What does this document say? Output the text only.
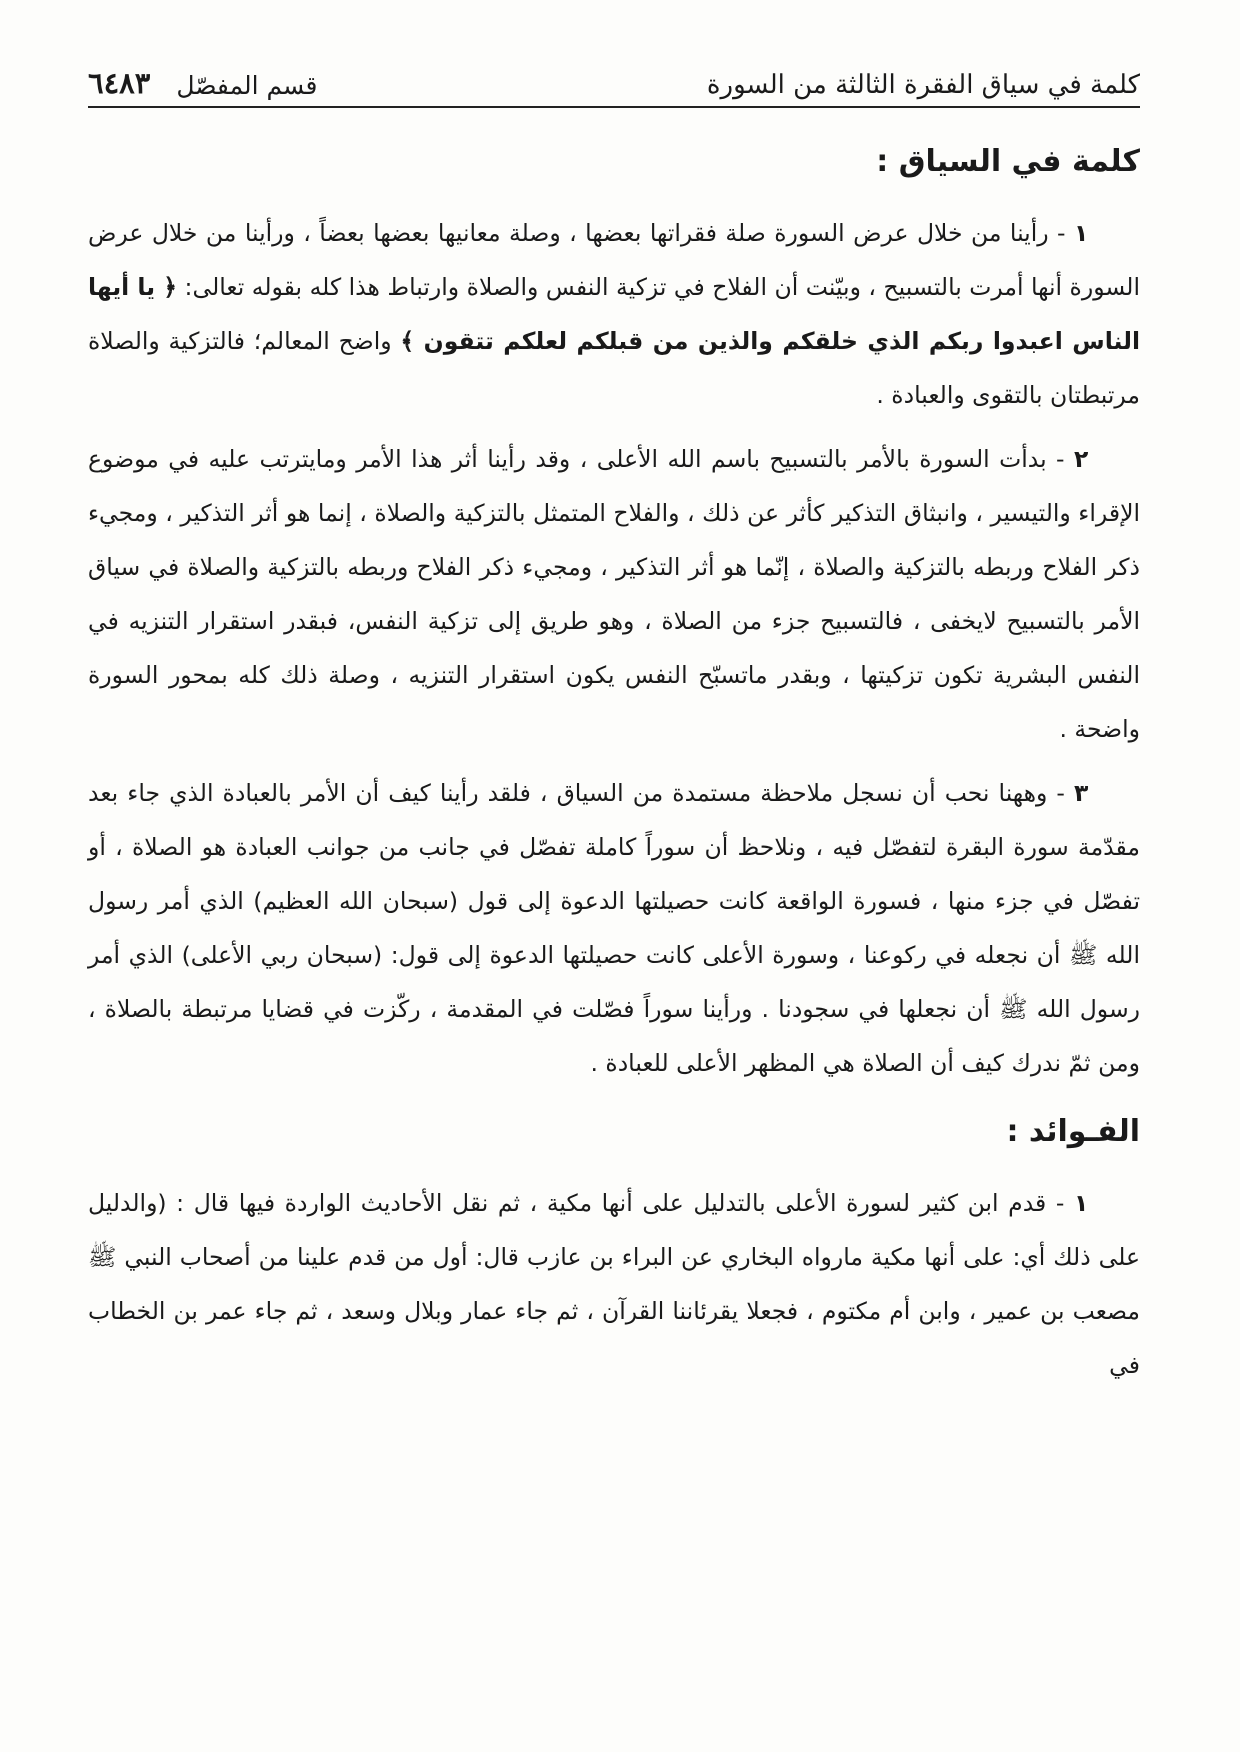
كلمة في سياق الفقرة الثالثة من السورة
قسم المفصّل
٦٤٨٣
كلمة في السياق :

١ - رأينا من خلال عرض السورة صلة فقراتها بعضها ، وصلة معانيها بعضها بعضاً ، ورأينا من خلال عرض السورة أنها أمرت بالتسبيح ، وبيّنت أن الفلاح في تزكية النفس والصلاة وارتباط هذا كله بقوله تعالى: ﴿ يا أيها الناس اعبدوا ربكم الذي خلقكم والذين من قبلكم لعلكم تتقون ﴾ واضح المعالم؛ فالتزكية والصلاة مرتبطتان بالتقوى والعبادة .

٢ - بدأت السورة بالأمر بالتسبيح باسم الله الأعلى ، وقد رأينا أثر هذا الأمر ومايترتب عليه في موضوع الإقراء والتيسير ، وانبثاق التذكير كأثر عن ذلك ، والفلاح المتمثل بالتزكية والصلاة ، إنما هو أثر التذكير ، ومجيء ذكر الفلاح وربطه بالتزكية والصلاة ، إنّما هو أثر التذكير ، ومجيء ذكر الفلاح وربطه بالتزكية والصلاة في سياق الأمر بالتسبيح لايخفى ، فالتسبيح جزء من الصلاة ، وهو طريق إلى تزكية النفس، فبقدر استقرار التنزيه في النفس البشرية تكون تزكيتها ، وبقدر ماتسبّح النفس يكون استقرار التنزيه ، وصلة ذلك كله بمحور السورة واضحة .

٣ - وههنا نحب أن نسجل ملاحظة مستمدة من السياق ، فلقد رأينا كيف أن الأمر بالعبادة الذي جاء بعد مقدّمة سورة البقرة لتفصّل فيه ، ونلاحظ أن سوراً كاملة تفصّل في جانب من جوانب العبادة هو الصلاة ، أو تفصّل في جزء منها ، فسورة الواقعة كانت حصيلتها الدعوة إلى قول (سبحان الله العظيم) الذي أمر رسول الله ﷺ أن نجعله في ركوعنا ، وسورة الأعلى كانت حصيلتها الدعوة إلى قول: (سبحان ربي الأعلى) الذي أمر رسول الله ﷺ أن نجعلها في سجودنا . ورأينا سوراً فصّلت في المقدمة ، ركّزت في قضايا مرتبطة بالصلاة ، ومن ثمّ ندرك كيف أن الصلاة هي المظهر الأعلى للعبادة .

الفـوائد :

١ - قدم ابن كثير لسورة الأعلى بالتدليل على أنها مكية ، ثم نقل الأحاديث الواردة فيها قال : (والدليل على ذلك أي: على أنها مكية مارواه البخاري عن البراء بن عازب قال: أول من قدم علينا من أصحاب النبي ﷺ مصعب بن عمير ، وابن أم مكتوم ، فجعلا يقرئاننا القرآن ، ثم جاء عمار وبلال وسعد ، ثم جاء عمر بن الخطاب في
